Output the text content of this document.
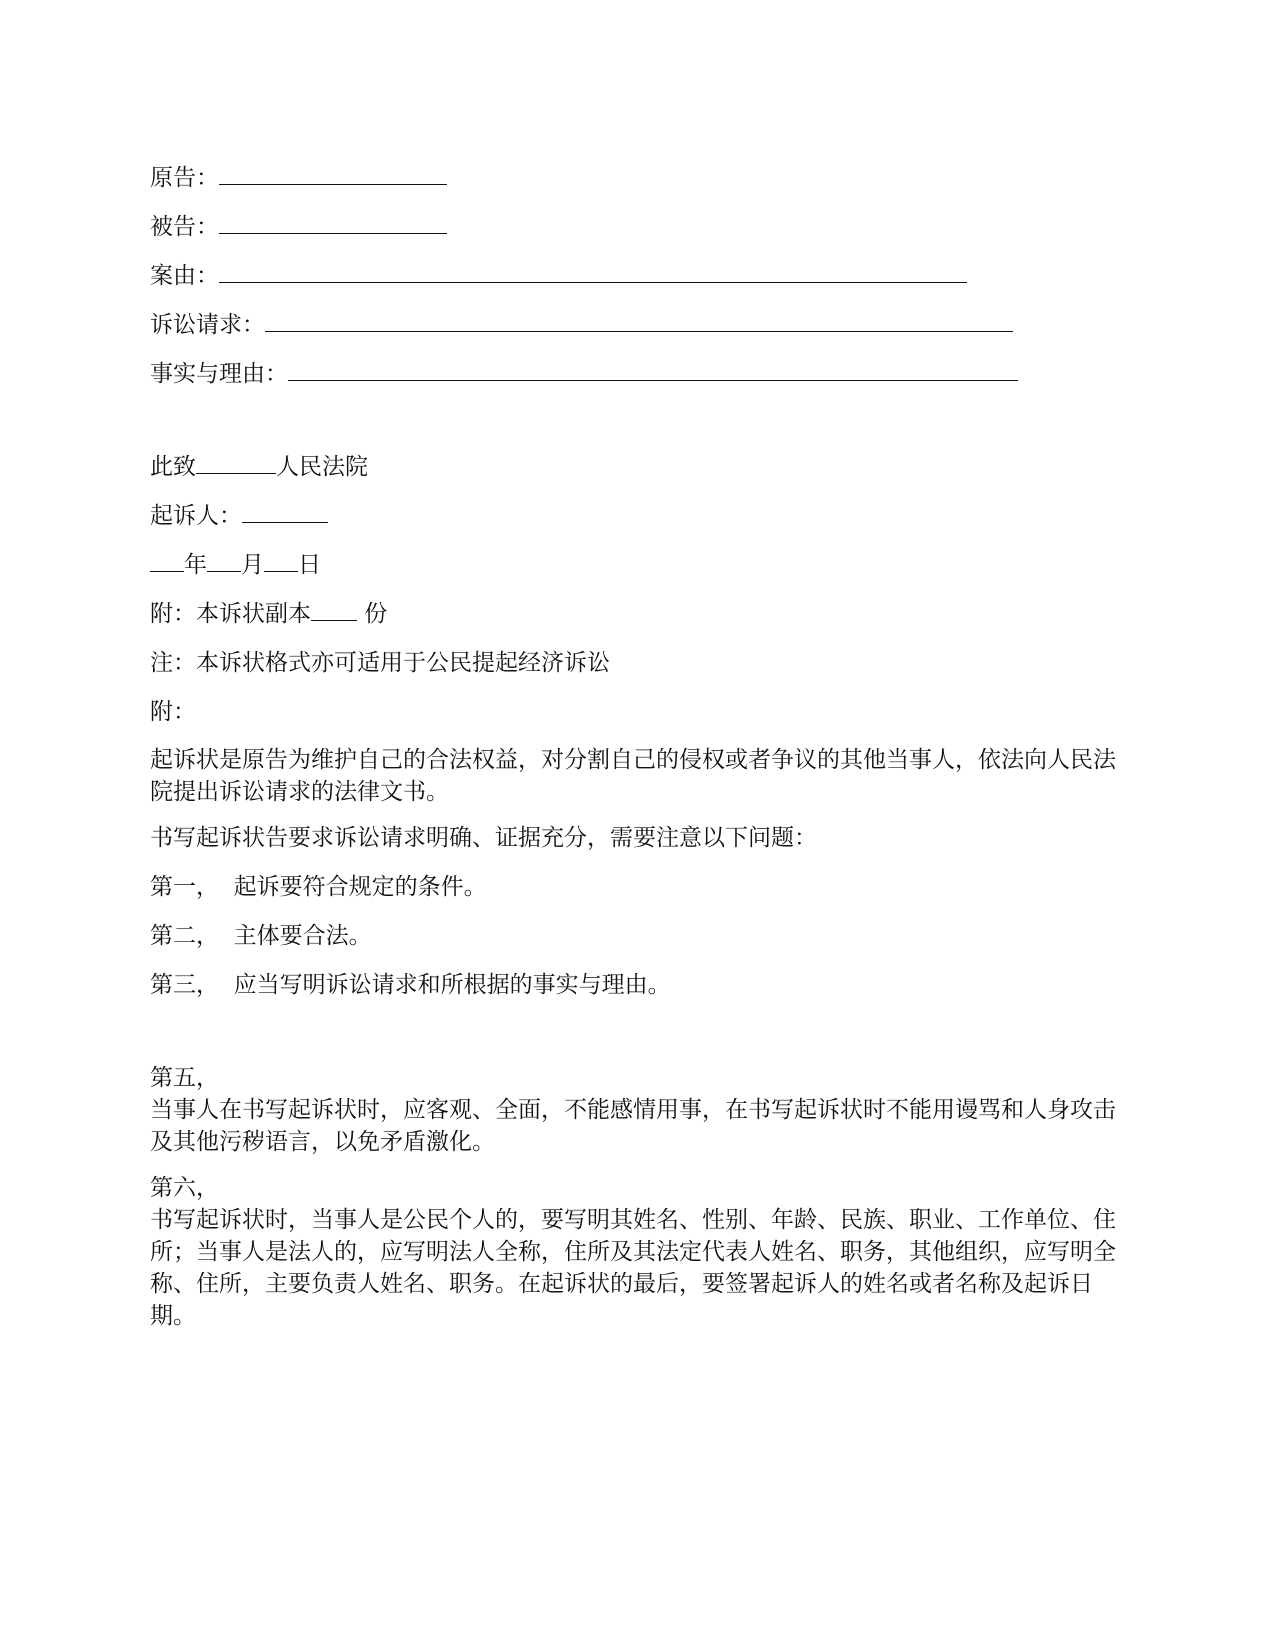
原告：
被告：
案由：
诉讼请求：
事实与理由：
此致	人民法院
起诉人：
年 月 日
附：本诉状副本 份
注：本诉状格式亦可适用于公民提起经济诉讼
附：
起诉状是原告为维护自己的合法权益，对分割自己的侵权或者争议的其他当事人，依法向人民法院提出诉讼请求的法律文书。
书写起诉状告要求诉讼请求明确、证据充分，需要注意以下问题：
第一， 起诉要符合规定的条件。
第二， 主体要合法。
第三， 应当写明诉讼请求和所根据的事实与理由。
第五，
当事人在书写起诉状时，应客观、全面，不能感情用事，在书写起诉状时不能用谩骂和人身攻击及其他污秽语言，以免矛盾激化。
第六，
书写起诉状时，当事人是公民个人的，要写明其姓名、性别、年龄、民族、职业、工作单位、住所；当事人是法人的，应写明法人全称，住所及其法定代表人姓名、职务，其他组织，应写明全称、住所，主要负责人姓名、职务。在起诉状的最后，要签署起诉人的姓名或者名称及起诉日期。
